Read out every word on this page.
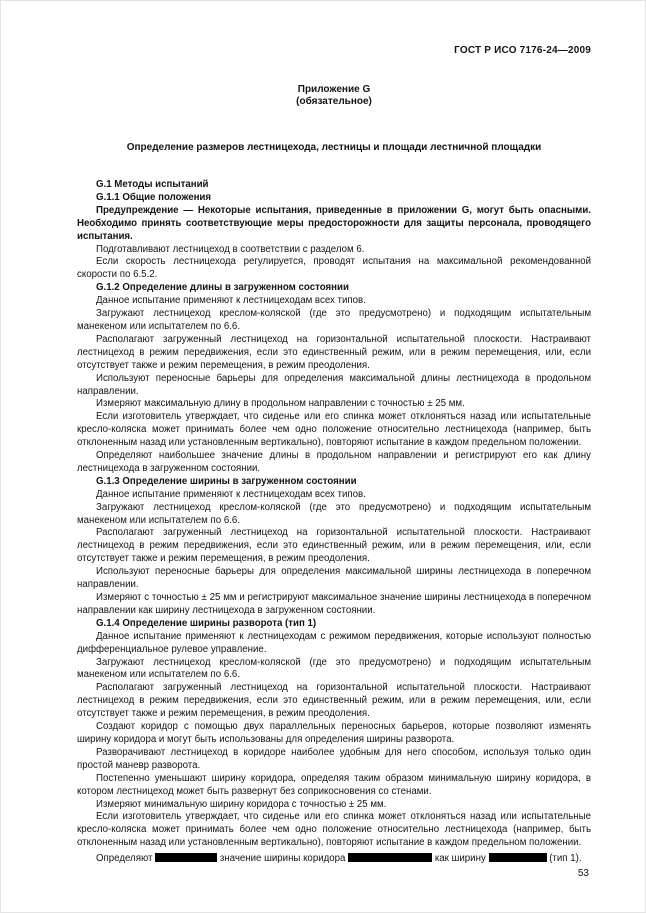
ГОСТ Р ИСО 7176-24—2009
Приложение G
(обязательное)
Определение размеров лестницехода, лестницы и площади лестничной площадки
G.1 Методы испытаний
G.1.1 Общие положения
Предупреждение — Некоторые испытания, приведенные в приложении G, могут быть опасными. Необходимо принять соответствующие меры предосторожности для защиты персонала, проводящего испытания.
Подготавливают лестницеход в соответствии с разделом 6.
Если скорость лестницехода регулируется, проводят испытания на максимальной рекомендованной скорости по 6.5.2.
G.1.2 Определение длины в загруженном состоянии
Данное испытание применяют к лестницеходам всех типов.
Загружают лестницеход креслом-коляской (где это предусмотрено) и подходящим испытательным манекеном или испытателем по 6.6.
Располагают загруженный лестницеход на горизонтальной испытательной плоскости. Настраивают лестницеход в режим передвижения, если это единственный режим, или в режим перемещения, или, если отсутствует также и режим перемещения, в режим преодоления.
Используют переносные барьеры для определения максимальной длины лестницехода в продольном направлении.
Измеряют максимальную длину в продольном направлении с точностью ± 25 мм.
Если изготовитель утверждает, что сиденье или его спинка может отклоняться назад или испытательные кресло-коляска может принимать более чем одно положение относительно лестницехода (например, быть отклоненным назад или установленным вертикально), повторяют испытание в каждом предельном положении.
Определяют наибольшее значение длины в продольном направлении и регистрируют его как длину лестницехода в загруженном состоянии.
G.1.3 Определение ширины в загруженном состоянии
Данное испытание применяют к лестницеходам всех типов.
Загружают лестницеход креслом-коляской (где это предусмотрено) и подходящим испытательным манекеном или испытателем по 6.6.
Располагают загруженный лестницеход на горизонтальной испытательной плоскости. Настраивают лестницеход в режим передвижения, если это единственный режим, или в режим перемещения, или, если отсутствует также и режим перемещения, в режим преодоления.
Используют переносные барьеры для определения максимальной ширины лестницехода в поперечном направлении.
Измеряют с точностью ± 25 мм и регистрируют максимальное значение ширины лестницехода в поперечном направлении как ширину лестницехода в загруженном состоянии.
G.1.4 Определение ширины разворота (тип 1)
Данное испытание применяют к лестницеходам с режимом передвижения, которые используют полностью дифференциальное рулевое управление.
Загружают лестницеход креслом-коляской (где это предусмотрено) и подходящим испытательным манекеном или испытателем по 6.6.
Располагают загруженный лестницеход на горизонтальной испытательной плоскости. Настраивают лестницеход в режим передвижения, если это единственный режим, или в режим перемещения, или, если отсутствует также и режим перемещения, в режим преодоления.
Создают коридор с помощью двух параллельных переносных барьеров, которые позволяют изменять ширину коридора и могут быть использованы для определения ширины разворота.
Разворачивают лестницеход в коридоре наиболее удобным для него способом, используя только один простой маневр разворота.
Постепенно уменьшают ширину коридора, определяя таким образом минимальную ширину коридора, в котором лестницеход может быть развернут без соприкосновения со стенами.
Измеряют минимальную ширину коридора с точностью ± 25 мм.
Если изготовитель утверждает, что сиденье или его спинка может отклоняться назад или испытательные кресло-коляска может принимать более чем одно положение относительно лестницехода (например, быть отклоненным назад или установленным вертикально), повторяют испытание в каждом предельном положении.
Определяют	значение ширины коридора	как ширину	(тип 1).
53
